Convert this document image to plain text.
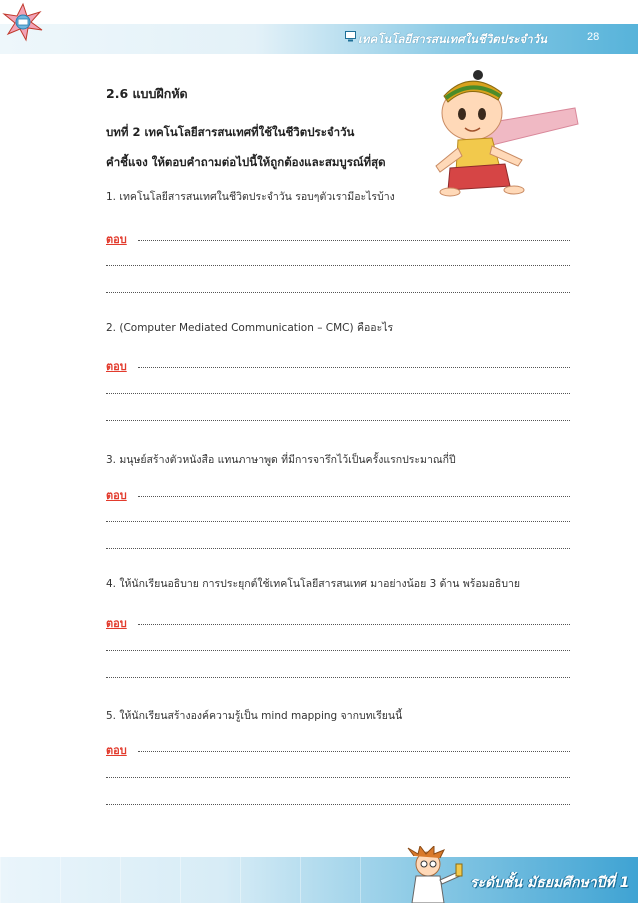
เทคโนโลยีสารสนเทศในชีวิตประจำวัน	28
2.6 แบบฝึกหัด
บทที่ 2 เทคโนโลยีสารสนเทศที่ใช้ในชีวิตประจำวัน
คำชี้แจง ให้ตอบคำถามต่อไปนี้ให้ถูกต้องและสมบูรณ์ที่สุด
1. เทคโนโลยีสารสนเทศในชีวิตประจำวัน รอบๆตัวเรามีอะไรบ้าง
ตอบ
2. (Computer Mediated Communication – CMC) คืออะไร
ตอบ
3. มนุษย์สร้างตัวหนังสือ แทนภาษาพูด ที่มีการจารึกไว้เป็นครั้งแรกประมาณกี่ปี
ตอบ
4. ให้นักเรียนอธิบาย การประยุกต์ใช้เทคโนโลยีสารสนเทศ มาอย่างน้อย 3 ด้าน พร้อมอธิบาย
ตอบ
5. ให้นักเรียนสร้างองค์ความรู้เป็น mind mapping จากบทเรียนนี้
ตอบ
ระดับชั้น มัธยมศึกษาปีที่ 1
